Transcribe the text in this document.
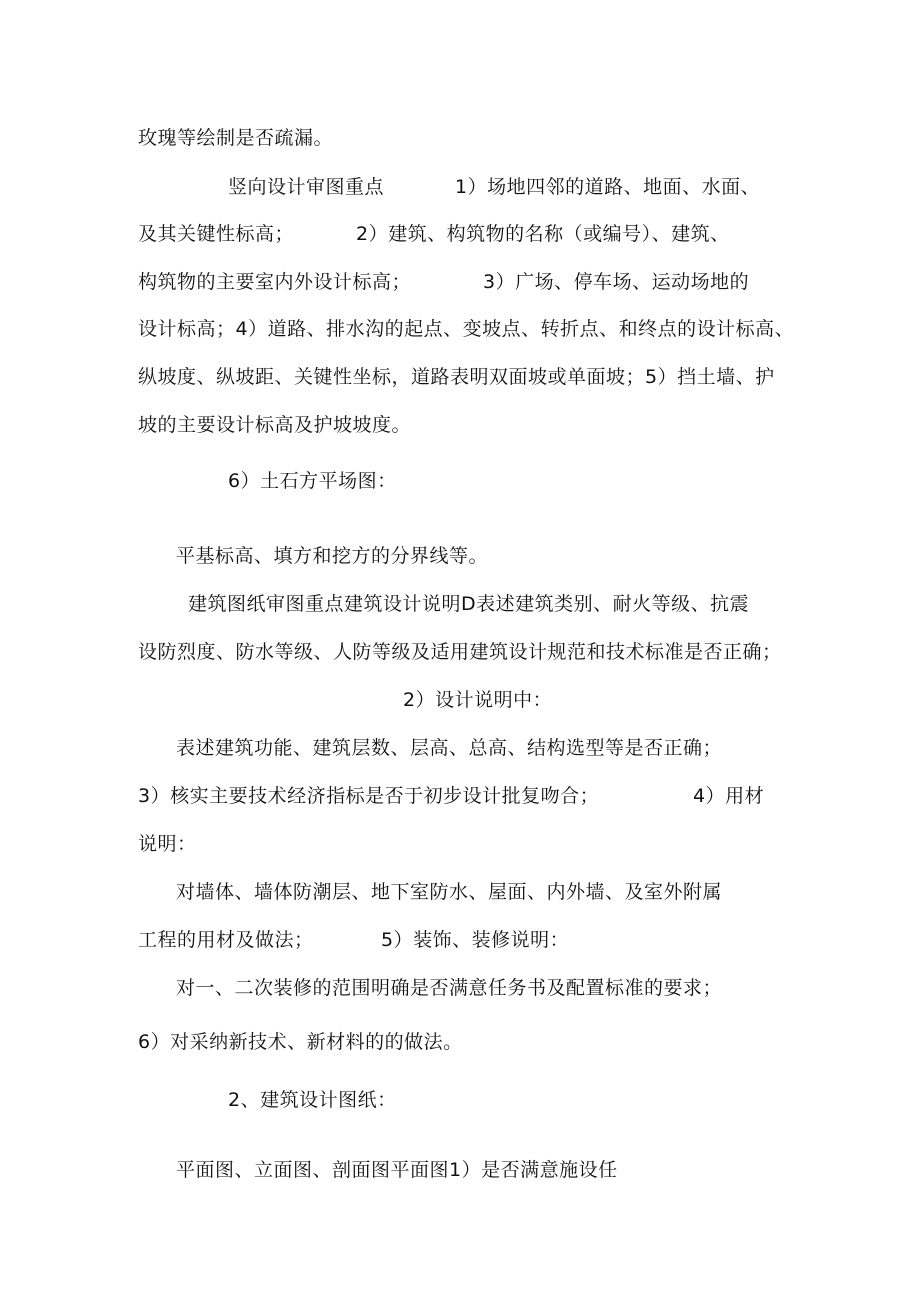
玫瑰等绘制是否疏漏。
竖向设计审图重点	1）场地四邻的道路、地面、水面、
及其关键性标高；	2）建筑、构筑物的名称（或编号）、建筑、
构筑物的主要室内外设计标高；	3）广场、停车场、运动场地的
设计标高；4）道路、排水沟的起点、变坡点、转折点、和终点的设计标高、
纵坡度、纵坡距、关键性坐标，道路表明双面坡或单面坡；5）挡土墙、护
坡的主要设计标高及护坡坡度。
6）土石方平场图：
平基标高、填方和挖方的分界线等。
建筑图纸审图重点建筑设计说明D表述建筑类别、耐火等级、抗震
设防烈度、防水等级、人防等级及适用建筑设计规范和技术标准是否正确；
2）设计说明中：
表述建筑功能、建筑层数、层高、总高、结构选型等是否正确；
3）核实主要技术经济指标是否于初步设计批复吻合；	4）用材
说明：
对墙体、墙体防潮层、地下室防水、屋面、内外墙、及室外附属
工程的用材及做法；	5）装饰、装修说明：
对一、二次装修的范围明确是否满意任务书及配置标准的要求；
6）对采纳新技术、新材料的的做法。
2、建筑设计图纸：
平面图、立面图、剖面图平面图1）是否满意施设任
